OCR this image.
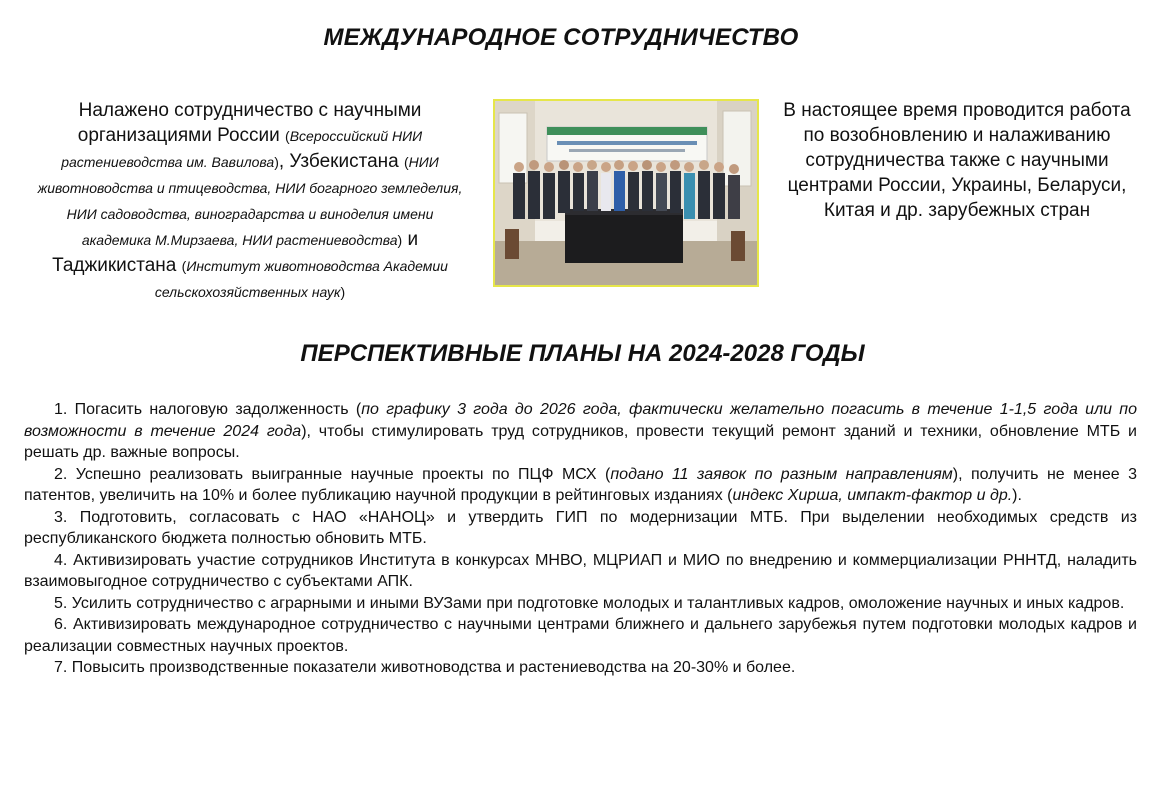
МЕЖДУНАРОДНОЕ СОТРУДНИЧЕСТВО
Налажено сотрудничество с научными организациями России (Всероссийский НИИ растениеводства им. Вавилова), Узбекистана (НИИ животноводства и птицеводства, НИИ богарного земледелия, НИИ садоводства, виноградарства и виноделия имени академика М.Мирзаева, НИИ растениеводства) и Таджикистана (Институт животноводства Академии сельскохозяйственных наук)
В настоящее время проводится работа по возобновлению и налаживанию сотрудничества также с научными центрами России, Украины, Беларуси, Китая и др. зарубежных стран
ПЕРСПЕКТИВНЫЕ ПЛАНЫ НА 2024-2028 ГОДЫ

1. Погасить налоговую задолженность (по графику 3 года до 2026 года, фактически желательно погасить в течение 1-1,5 года или по возможности в течение 2024 года), чтобы стимулировать труд сотрудников, провести текущий ремонт зданий и техники, обновление МТБ и решать др. важные вопросы.

2. Успешно реализовать выигранные научные проекты по ПЦФ МСХ (подано 11 заявок по разным направлениям), получить не менее 3 патентов, увеличить на 10% и более публикацию научной продукции в рейтинговых изданиях (индекс Хирша, импакт-фактор и др.).

3. Подготовить, согласовать с НАО «НАНОЦ» и утвердить ГИП по модернизации МТБ. При выделении необходимых средств из республиканского бюджета полностью обновить МТБ.

4. Активизировать участие сотрудников Института в конкурсах МНВО, МЦРИАП и МИО по внедрению и коммерциализации РННТД, наладить взаимовыгодное сотрудничество с субъектами АПК.

5. Усилить сотрудничество с аграрными и иными ВУЗами при подготовке молодых и талантливых кадров, омоложение научных и иных кадров.

6. Активизировать международное сотрудничество с научными центрами ближнего и дальнего зарубежья путем подготовки молодых кадров и реализации совместных научных проектов.

7. Повысить производственные показатели животноводства и растениеводства на 20-30% и более.
